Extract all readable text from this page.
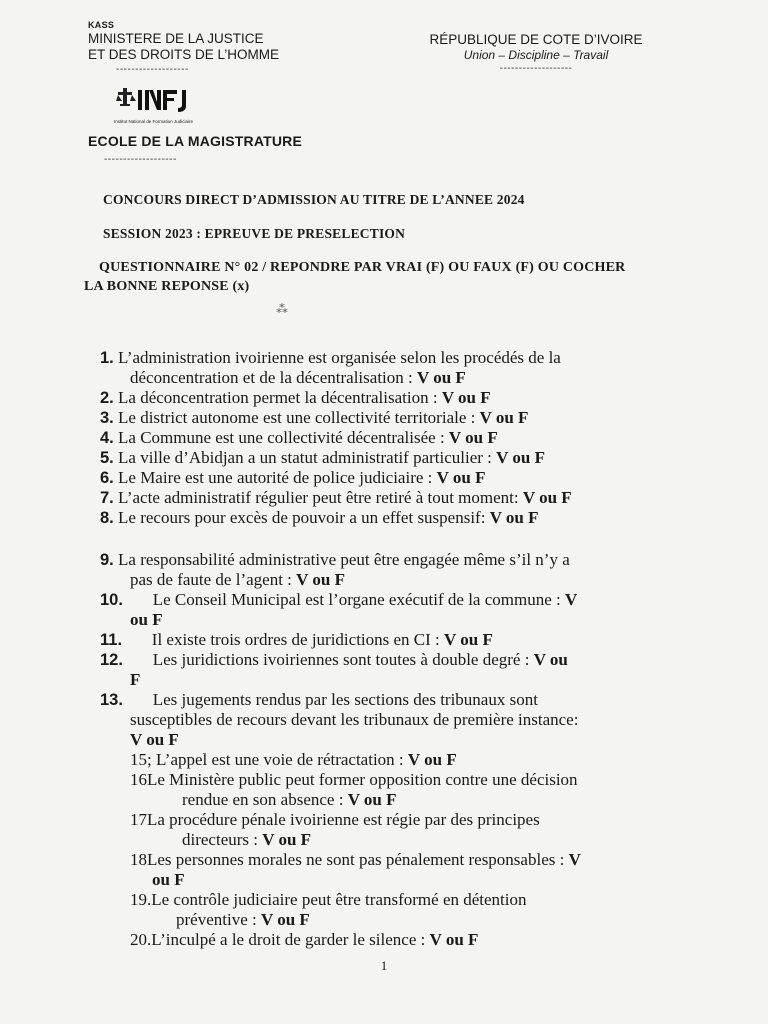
KASS
MINISTERE DE LA JUSTICE
ET DES DROITS DE L’HOMME
-------------------
Institut National de Formation Judiciaire
ECOLE DE LA MAGISTRATURE
-------------------
RÉPUBLIQUE DE COTE D’IVOIRE
Union – Discipline – Travail
-------------------
CONCOURS DIRECT D’ADMISSION AU TITRE DE L’ANNEE 2024
SESSION 2023 : EPREUVE DE PRESELECTION
QUESTIONNAIRE N° 02 / REPONDRE PAR VRAI (F) OU FAUX (F) OU COCHER
LA BONNE REPONSE (x)
⁂
1. L’administration ivoirienne est organisée selon les procédés de la
déconcentration et de la décentralisation : V ou F
2. La déconcentration permet la décentralisation : V ou F
3. Le district autonome est une collectivité territoriale : V ou F
4. La Commune est une collectivité décentralisée : V ou F
5. La ville d’Abidjan a un statut administratif particulier : V ou F
6. Le Maire est une autorité de police judiciaire : V ou F
7. L’acte administratif régulier peut être retiré à tout moment: V ou F
8. Le recours pour excès de pouvoir a un effet suspensif: V ou F
9. La responsabilité administrative peut être engagée même s’il n’y a
pas de faute de l’agent : V ou F
10.       Le Conseil Municipal est l’organe exécutif de la commune : V
ou F
11.       Il existe trois ordres de juridictions en CI : V ou F
12.       Les juridictions ivoiriennes sont toutes à double degré : V ou
F
13.       Les jugements rendus par les sections des tribunaux sont
susceptibles de recours devant les tribunaux de première instance:
V ou F
15; L’appel est une voie de rétractation : V ou F
16Le Ministère public peut former opposition contre une décision
rendue en son absence : V ou F
17La procédure pénale ivoirienne est régie par des principes
directeurs : V ou F
18Les personnes morales ne sont pas pénalement responsables : V
ou F
19.Le contrôle judiciaire peut être transformé en détention
préventive : V ou F
20.L’inculpé a le droit de garder le silence : V ou F
1
